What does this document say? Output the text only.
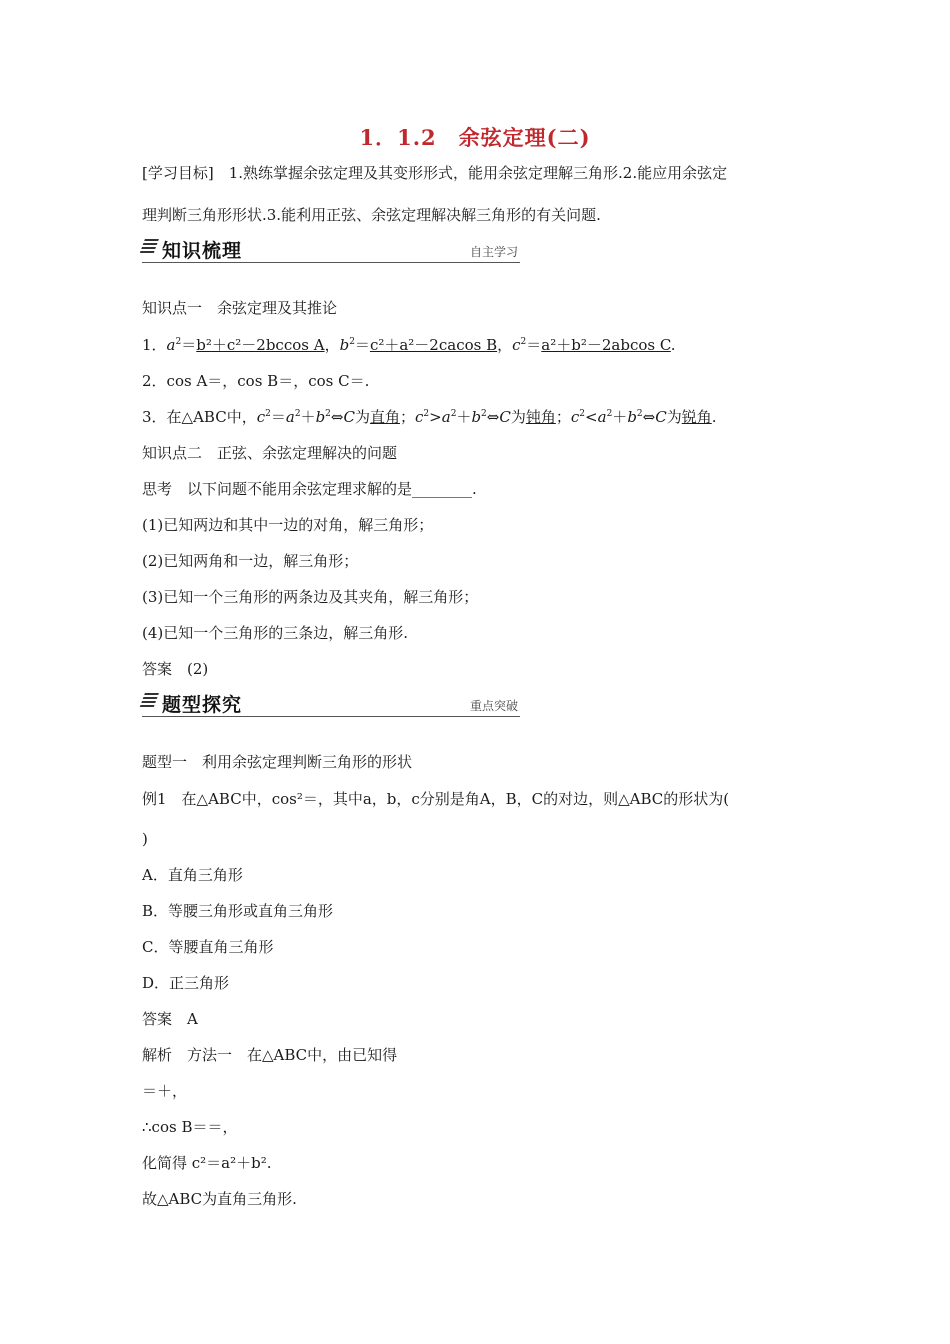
1．1.2　余弦定理(二)
[学习目标]　1.熟练掌握余弦定理及其变形形式，能用余弦定理解三角形.2.能应用余弦定
理判断三角形形状.3.能利用正弦、余弦定理解决解三角形的有关问题.
知识梳理	自主学习
知识点一　余弦定理及其推论
1．$a^2=b^2+c^2-2bccos$ A，$b^2=c^2+a^2-2cacos$ B，$c^2=a^2+b^2-2abcos$ C.
2．cos A＝，cos B＝，cos C＝.
3．在△ABC中，$c^2=a^2+b^2\Leftrightarrow C$为直角；$c^2>a^2+b^2\Leftrightarrow C$为钝角；$c^2<a^2+b^2\Leftrightarrow C$为锐角.
知识点二　正弦、余弦定理解决的问题
思考　以下问题不能用余弦定理求解的是________.
(1)已知两边和其中一边的对角，解三角形；
(2)已知两角和一边，解三角形；
(3)已知一个三角形的两条边及其夹角，解三角形；
(4)已知一个三角形的三条边，解三角形.
答案　(2)
题型探究	重点突破
题型一　利用余弦定理判断三角形的形状
例1　在△ABC中，cos²＝，其中a，b，c分别是角A，B，C的对边，则△ABC的形状为(
)
A．直角三角形
B．等腰三角形或直角三角形
C．等腰直角三角形
D．正三角形
答案　A
解析　方法一　在△ABC中，由已知得
＝＋，
∴cos B＝＝，
化简得 c²＝a²＋b².
故△ABC为直角三角形.
